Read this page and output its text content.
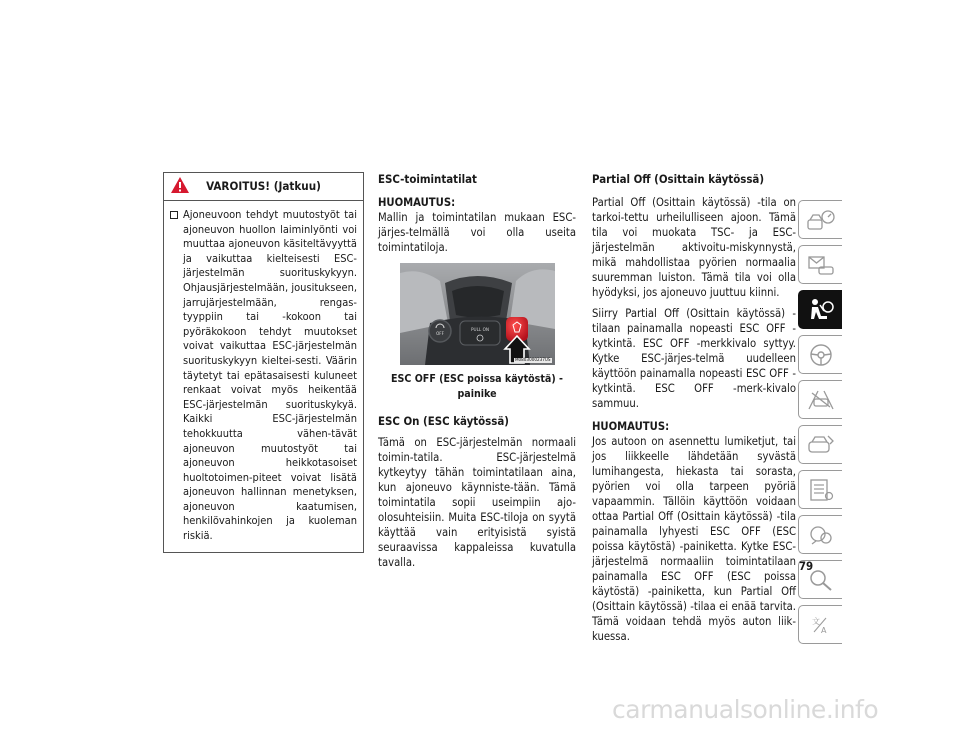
VAROITUS! (Jatkuu)
Ajoneuvoon tehdyt muutostyöt tai ajoneuvon huollon laiminlyönti voi muuttaa ajoneuvon käsiteltävyyttä ja vaikuttaa kielteisesti ESC-järjestelmän suorituskykyyn. Ohjausjärjestelmään, jousitukseen, jarrujärjestelmään, rengas-tyyppiin tai -kokoon tai pyöräkokoon tehdyt muutokset voivat vaikuttaa ESC-järjestelmän suorituskykyyn kieltei-sesti. Väärin täytetyt tai epätasaisesti kuluneet renkaat voivat myös heikentää ESC-järjestelmän suorituskykyä. Kaikki ESC-järjestelmän tehokkuutta vähen-tävät ajoneuvon muutostyöt tai ajoneuvon heikkotasoiset huoltotoimen-piteet voivat lisätä ajoneuvon hallinnan menetyksen, ajoneuvon kaatumisen, henkilövahinkojen ja kuoleman riskiä.

ESC-toimintatilat

HUOMAUTUS:

Mallin ja toimintatilan mukaan ESC-järjes-telmällä voi olla useita toimintatiloja.

OFF
PULL ON
M0803000237US

ESC OFF (ESC poissa käytöstä) -painike

ESC On (ESC käytössä)

Tämä on ESC-järjestelmän normaali toimin-tatila. ESC-järjestelmä kytkeytyy tähän toimintatilaan aina, kun ajoneuvo käynniste-tään. Tämä toimintatila sopii useimpiin ajo-olosuhteisiin. Muita ESC-tiloja on syytä käyttää vain erityisistä syistä seuraavissa kappaleissa kuvatulla tavalla.

Partial Off (Osittain käytössä)

Partial Off (Osittain käytössä) -tila on tarkoi-tettu urheilulliseen ajoon. Tämä tila voi muokata TSC- ja ESC-järjestelmän aktivoitu-miskynnystä, mikä mahdollistaa pyörien normaalia suuremman luiston. Tämä tila voi olla hyödyksi, jos ajoneuvo juuttuu kiinni.

Siirry Partial Off (Osittain käytössä) -tilaan painamalla nopeasti ESC OFF -kytkintä. ESC OFF -merkkivalo syttyy. Kytke ESC-järjes-telmä uudelleen käyttöön painamalla nopeasti ESC OFF -kytkintä. ESC OFF -merk-kivalo sammuu.

HUOMAUTUS:

Jos autoon on asennettu lumiketjut, tai jos liikkeelle lähdetään syvästä lumihangesta, hiekasta tai sorasta, pyörien voi olla tarpeen pyöriä vapaammin. Tällöin käyttöön voidaan ottaa Partial Off (Osittain käytössä) -tila painamalla lyhyesti ESC OFF (ESC poissa käytöstä) -painiketta. Kytke ESC-järjestelmä normaaliin toimintatilaan painamalla ESC OFF (ESC poissa käytöstä) -painiketta, kun Partial Off (Osittain käytössä) -tilaa ei enää tarvita. Tämä voidaan tehdä myös auton liik-kuessa.

文
A
79
carmanualsonline.info
